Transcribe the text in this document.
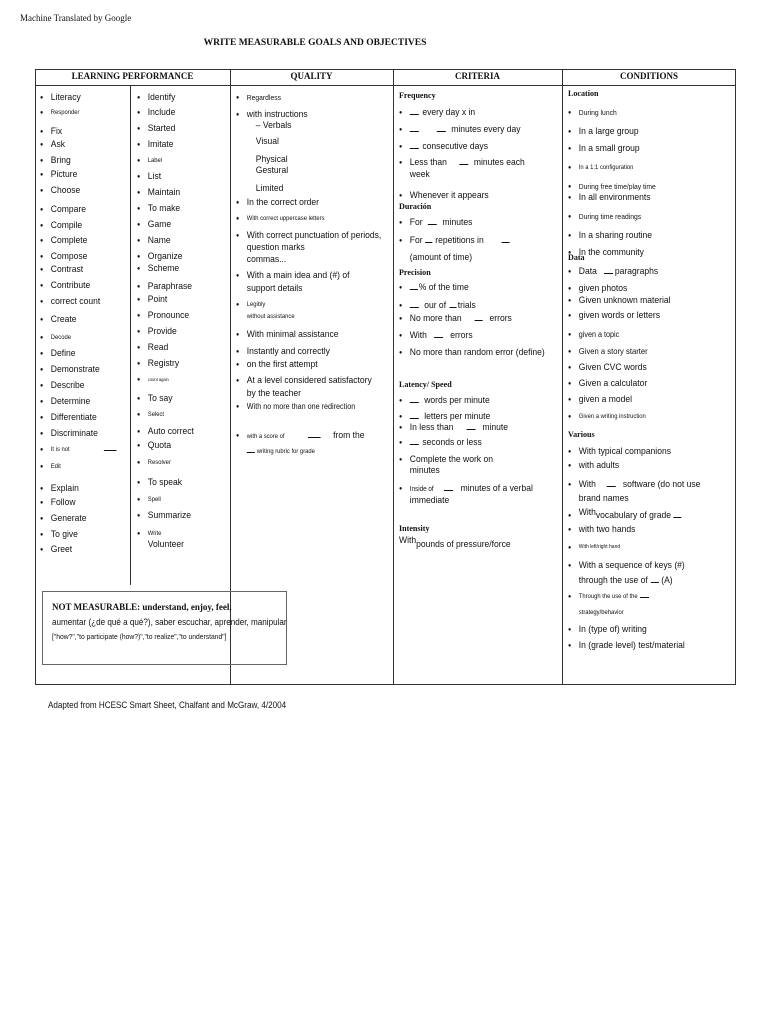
Machine Translated by Google
WRITE MEASURABLE GOALS AND OBJECTIVES
LEARNING PERFORMANCE	QUALITY	CRITERIA	CONDITIONS
● Literacy
● Responder
● Fix
● Ask
● Bring
● Picture
● Choose
● Compare
● Compile
● Complete
● Compose
● Contrast
● Contribute
● correct count
● Create
● Decode
● Define
● Demonstrate
● Describe
● Determine
● Differentiate
● Discriminate
● It is not
● Edit
● Explain
● Follow
● Generate
● To give
● Greet
● Identify
● Include
● Started
● Imitate
● Label
● List
● Maintain
● To make
● Game
● Name
● Organize
● Scheme
● Paraphrase
● Point
● Pronounce
● Provide
● Read
● Registry
● count again
● To say
● Select
● Auto correct
● Quota
● Resolver
● To speak
● Spell
● Summarize
● Write
Volunteer
● Regardless
● with instructions
– Verbals
Visual
Physical
Gestural
Limited
● In the correct order
● With correct uppercase letters
● With correct punctuation of periods,
question marks
commas...
● With a main idea and (#) of
support details
● Legibly
without assistance
● With minimal assistance
● Instantly and correctly
● on the first attempt
● At a level considered satisfactory
by the teacher
● With no more than one redirection
● with a score of	from the
writing rubric for grade
Frequency
● every day x in
● minutes every day
● consecutive days
● Less than	minutes each
week
● Whenever it appears
Duración
● For minutes
● For repetitions in
(amount of time)
Precision
● % of the time
● our of trials
● No more than	errors
● With errors
● No more than random error (define)
Latency/ Speed
● words per minute
● letters per minute
● In less than	minute
● seconds or less
● Complete the work on
minutes
● Inside of	minutes of a verbal
immediate
Intensity
Withpounds of pressure/force
Location
● During lunch
● In a large group
● In a small group
● In a 1:1 configuration
● During free time/play time
● In all environments
● During time readings
● In a sharing routine
● In the community
Data
● Data paragraphs
● given photos
● Given unknown material
● given words or letters
● given a topic
● Given a story starter
● Given CVC words
● Given a calculator
● given a model
● Given a writing instruction
Various
● With typical companions
● with adults
● With	software (do not use
brand names
● Withvocabulary of grade
● with two hands
● With left/right hand
● With a sequence of keys (#)
through the use of (A)
● Through the use of the
strategy/behavior
● In (type of) writing
● In (grade level) test/material
NOT MEASURABLE: understand, enjoy, feel,
aumentar (¿de qué a qué?), saber escuchar, aprender, manipular
["how?","to participate (how?)","to realize","to understand"]
Adapted from HCESC Smart Sheet, Chalfant and McGraw, 4/2004
